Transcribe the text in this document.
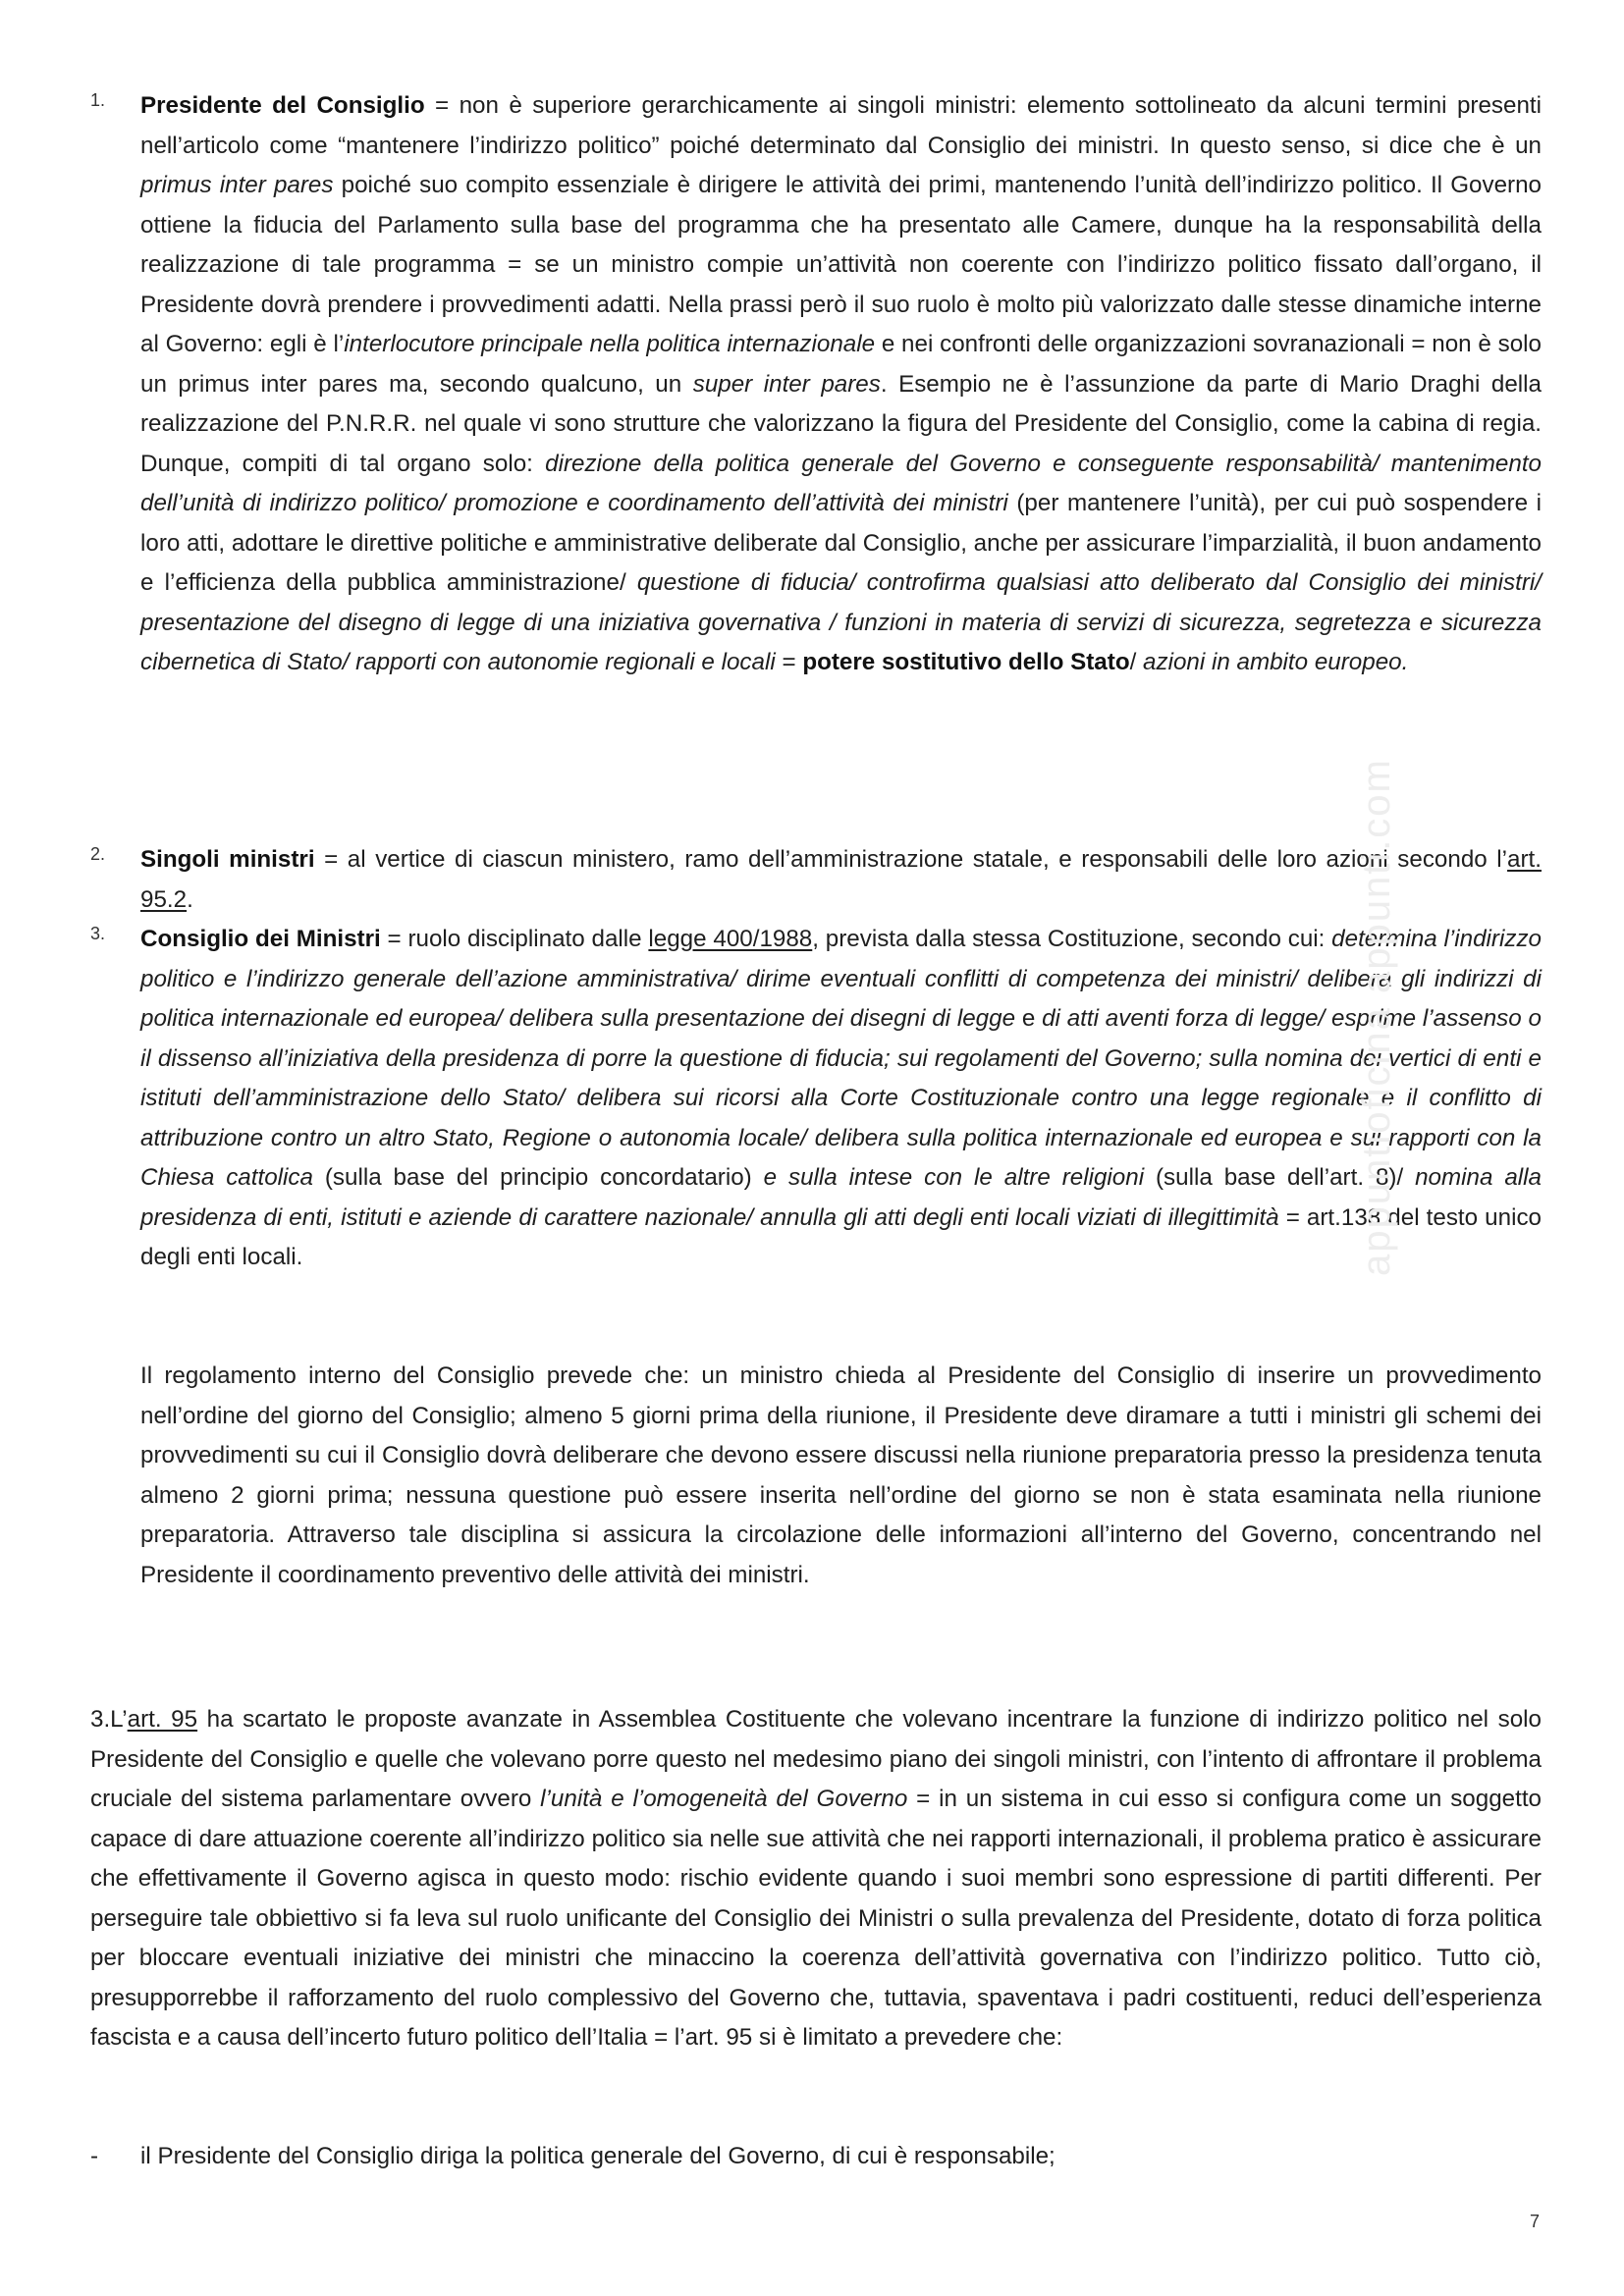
1.	Presidente del Consiglio = non è superiore gerarchicamente ai singoli ministri: elemento sottolineato da alcuni termini presenti nell’articolo come “mantenere l’indirizzo politico” poiché determinato dal Consiglio dei ministri. In questo senso, si dice che è un primus inter pares poiché suo compito essenziale è dirigere le attività dei primi, mantenendo l’unità dell’indirizzo politico. Il Governo ottiene la fiducia del Parlamento sulla base del programma che ha presentato alle Camere, dunque ha la responsabilità della realizzazione di tale programma = se un ministro compie un’attività non coerente con l’indirizzo politico fissato dall’organo, il Presidente dovrà prendere i provvedimenti adatti. Nella prassi però il suo ruolo è molto più valorizzato dalle stesse dinamiche interne al Governo: egli è l’interlocutore principale nella politica internazionale e nei confronti delle organizzazioni sovranazionali = non è solo un primus inter pares ma, secondo qualcuno, un super inter pares. Esempio ne è l’assunzione da parte di Mario Draghi della realizzazione del P.N.R.R. nel quale vi sono strutture che valorizzano la figura del Presidente del Consiglio, come la cabina di regia. Dunque, compiti di tal organo solo: direzione della politica generale del Governo e conseguente responsabilità/ mantenimento dell’unità di indirizzo politico/ promozione e coordinamento dell’attività dei ministri (per mantenere l’unità), per cui può sospendere i loro atti, adottare le direttive politiche e amministrative deliberate dal Consiglio, anche per assicurare l’imparzialità, il buon andamento e l’efficienza della pubblica amministrazione/ questione di fiducia/ controfirma qualsiasi atto deliberato dal Consiglio dei ministri/ presentazione del disegno di legge di una iniziativa governativa / funzioni in materia di servizi di sicurezza, segretezza e sicurezza cibernetica di Stato/ rapporti con autonomie regionali e locali = potere sostitutivo dello Stato/ azioni in ambito europeo.
2.	Singoli ministri = al vertice di ciascun ministero, ramo dell’amministrazione statale, e responsabili delle loro azioni secondo l’art. 95.2.
3.	Consiglio dei Ministri = ruolo disciplinato dalle legge 400/1988, prevista dalla stessa Costituzione, secondo cui: determina l’indirizzo politico e l’indirizzo generale dell’azione amministrativa/ dirime eventuali conflitti di competenza dei ministri/ delibera gli indirizzi di politica internazionale ed europea/ delibera sulla presentazione dei disegni di legge e di atti aventi forza di legge/ esprime l’assenso o il dissenso all’iniziativa della presidenza di porre la questione di fiducia; sui regolamenti del Governo; sulla nomina dei vertici di enti e istituti dell’amministrazione dello Stato/ delibera sui ricorsi alla Corte Costituzionale contro una legge regionale e il conflitto di attribuzione contro un altro Stato, Regione o autonomia locale/ delibera sulla politica internazionale ed europea e sui rapporti con la Chiesa cattolica (sulla base del principio concordatario) e sulla intese con le altre religioni (sulla base dell’art. 8)/ nomina alla presidenza di enti, istituti e aziende di carattere nazionale/ annulla gli atti degli enti locali viziati di illegittimità = art.138 del testo unico degli enti locali.
Il regolamento interno del Consiglio prevede che: un ministro chieda al Presidente del Consiglio di inserire un provvedimento nell’ordine del giorno del Consiglio; almeno 5 giorni prima della riunione, il Presidente deve diramare a tutti i ministri gli schemi dei provvedimenti su cui il Consiglio dovrà deliberare che devono essere discussi nella riunione preparatoria presso la presidenza tenuta almeno 2 giorni prima; nessuna questione può essere inserita nell’ordine del giorno se non è stata esaminata nella riunione preparatoria. Attraverso tale disciplina si assicura la circolazione delle informazioni all’interno del Governo, concentrando nel Presidente il coordinamento preventivo delle attività dei ministri.
3.L’art. 95 ha scartato le proposte avanzate in Assemblea Costituente che volevano incentrare la funzione di indirizzo politico nel solo Presidente del Consiglio e quelle che volevano porre questo nel medesimo piano dei singoli ministri, con l’intento di affrontare il problema cruciale del sistema parlamentare ovvero l’unità e l’omogeneità del Governo = in un sistema in cui esso si configura come un soggetto capace di dare attuazione coerente all’indirizzo politico sia nelle sue attività che nei rapporti internazionali, il problema pratico è assicurare che effettivamente il Governo agisca in questo modo: rischio evidente quando i suoi membri sono espressione di partiti differenti. Per perseguire tale obbiettivo si fa leva sul ruolo unificante del Consiglio dei Ministri o sulla prevalenza del Presidente, dotato di forza politica per bloccare eventuali iniziative dei ministri che minaccino la coerenza dell’attività governativa con l’indirizzo politico. Tutto ciò, presupporrebbe il rafforzamento del ruolo complessivo del Governo che, tuttavia, spaventava i padri costituenti, reduci dell’esperienza fascista e a causa dell’incerto futuro politico dell’Italia = l’art. 95 si è limitato a prevedere che:
- il Presidente del Consiglio diriga la politica generale del Governo, di cui è responsabile;
appuntioficina appunti.com
7
